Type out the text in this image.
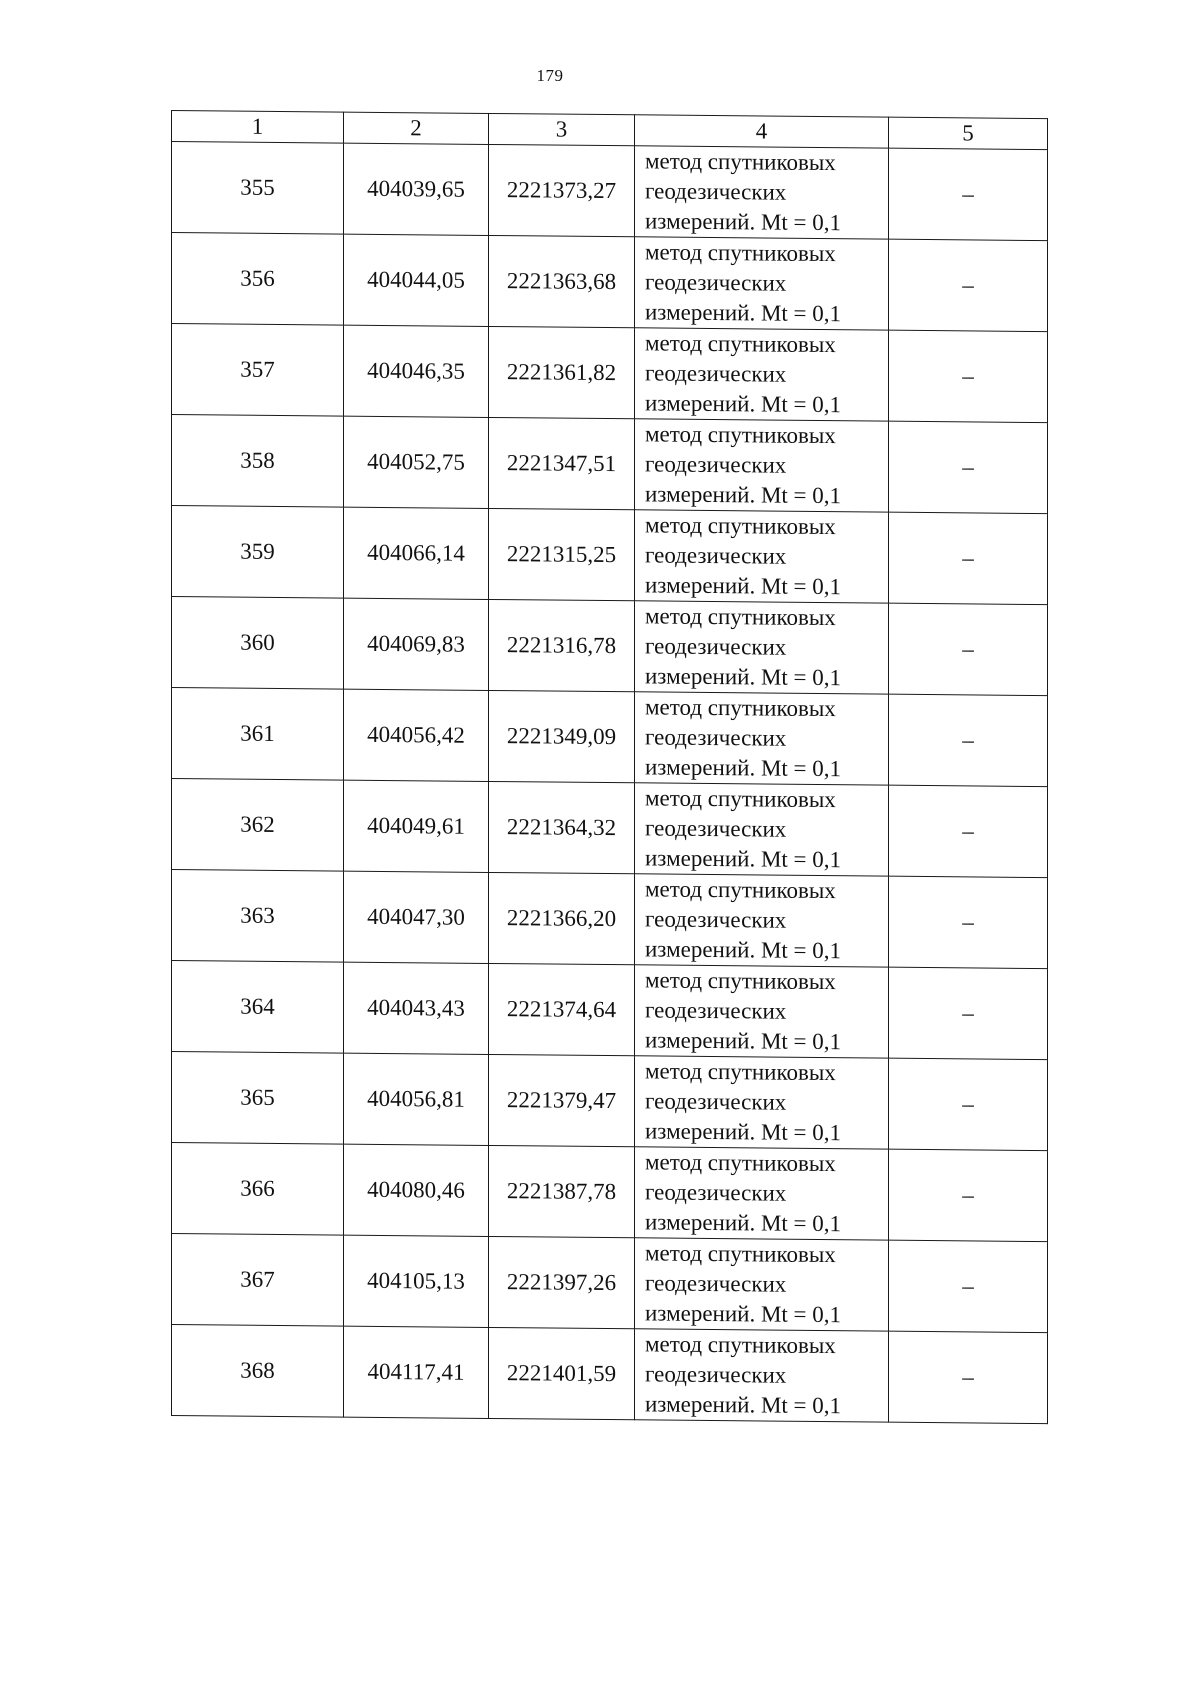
179
1	2	3	4	5
355	404039,65	2221373,27	метод спутниковых
геодезических
измерений. Mt = 0,1	–
356	404044,05	2221363,68	метод спутниковых
геодезических
измерений. Mt = 0,1	–
357	404046,35	2221361,82	метод спутниковых
геодезических
измерений. Mt = 0,1	–
358	404052,75	2221347,51	метод спутниковых
геодезических
измерений. Mt = 0,1	–
359	404066,14	2221315,25	метод спутниковых
геодезических
измерений. Mt = 0,1	–
360	404069,83	2221316,78	метод спутниковых
геодезических
измерений. Mt = 0,1	–
361	404056,42	2221349,09	метод спутниковых
геодезических
измерений. Mt = 0,1	–
362	404049,61	2221364,32	метод спутниковых
геодезических
измерений. Mt = 0,1	–
363	404047,30	2221366,20	метод спутниковых
геодезических
измерений. Mt = 0,1	–
364	404043,43	2221374,64	метод спутниковых
геодезических
измерений. Mt = 0,1	–
365	404056,81	2221379,47	метод спутниковых
геодезических
измерений. Mt = 0,1	–
366	404080,46	2221387,78	метод спутниковых
геодезических
измерений. Mt = 0,1	–
367	404105,13	2221397,26	метод спутниковых
геодезических
измерений. Mt = 0,1	–
368	404117,41	2221401,59	метод спутниковых
геодезических
измерений. Mt = 0,1	–
